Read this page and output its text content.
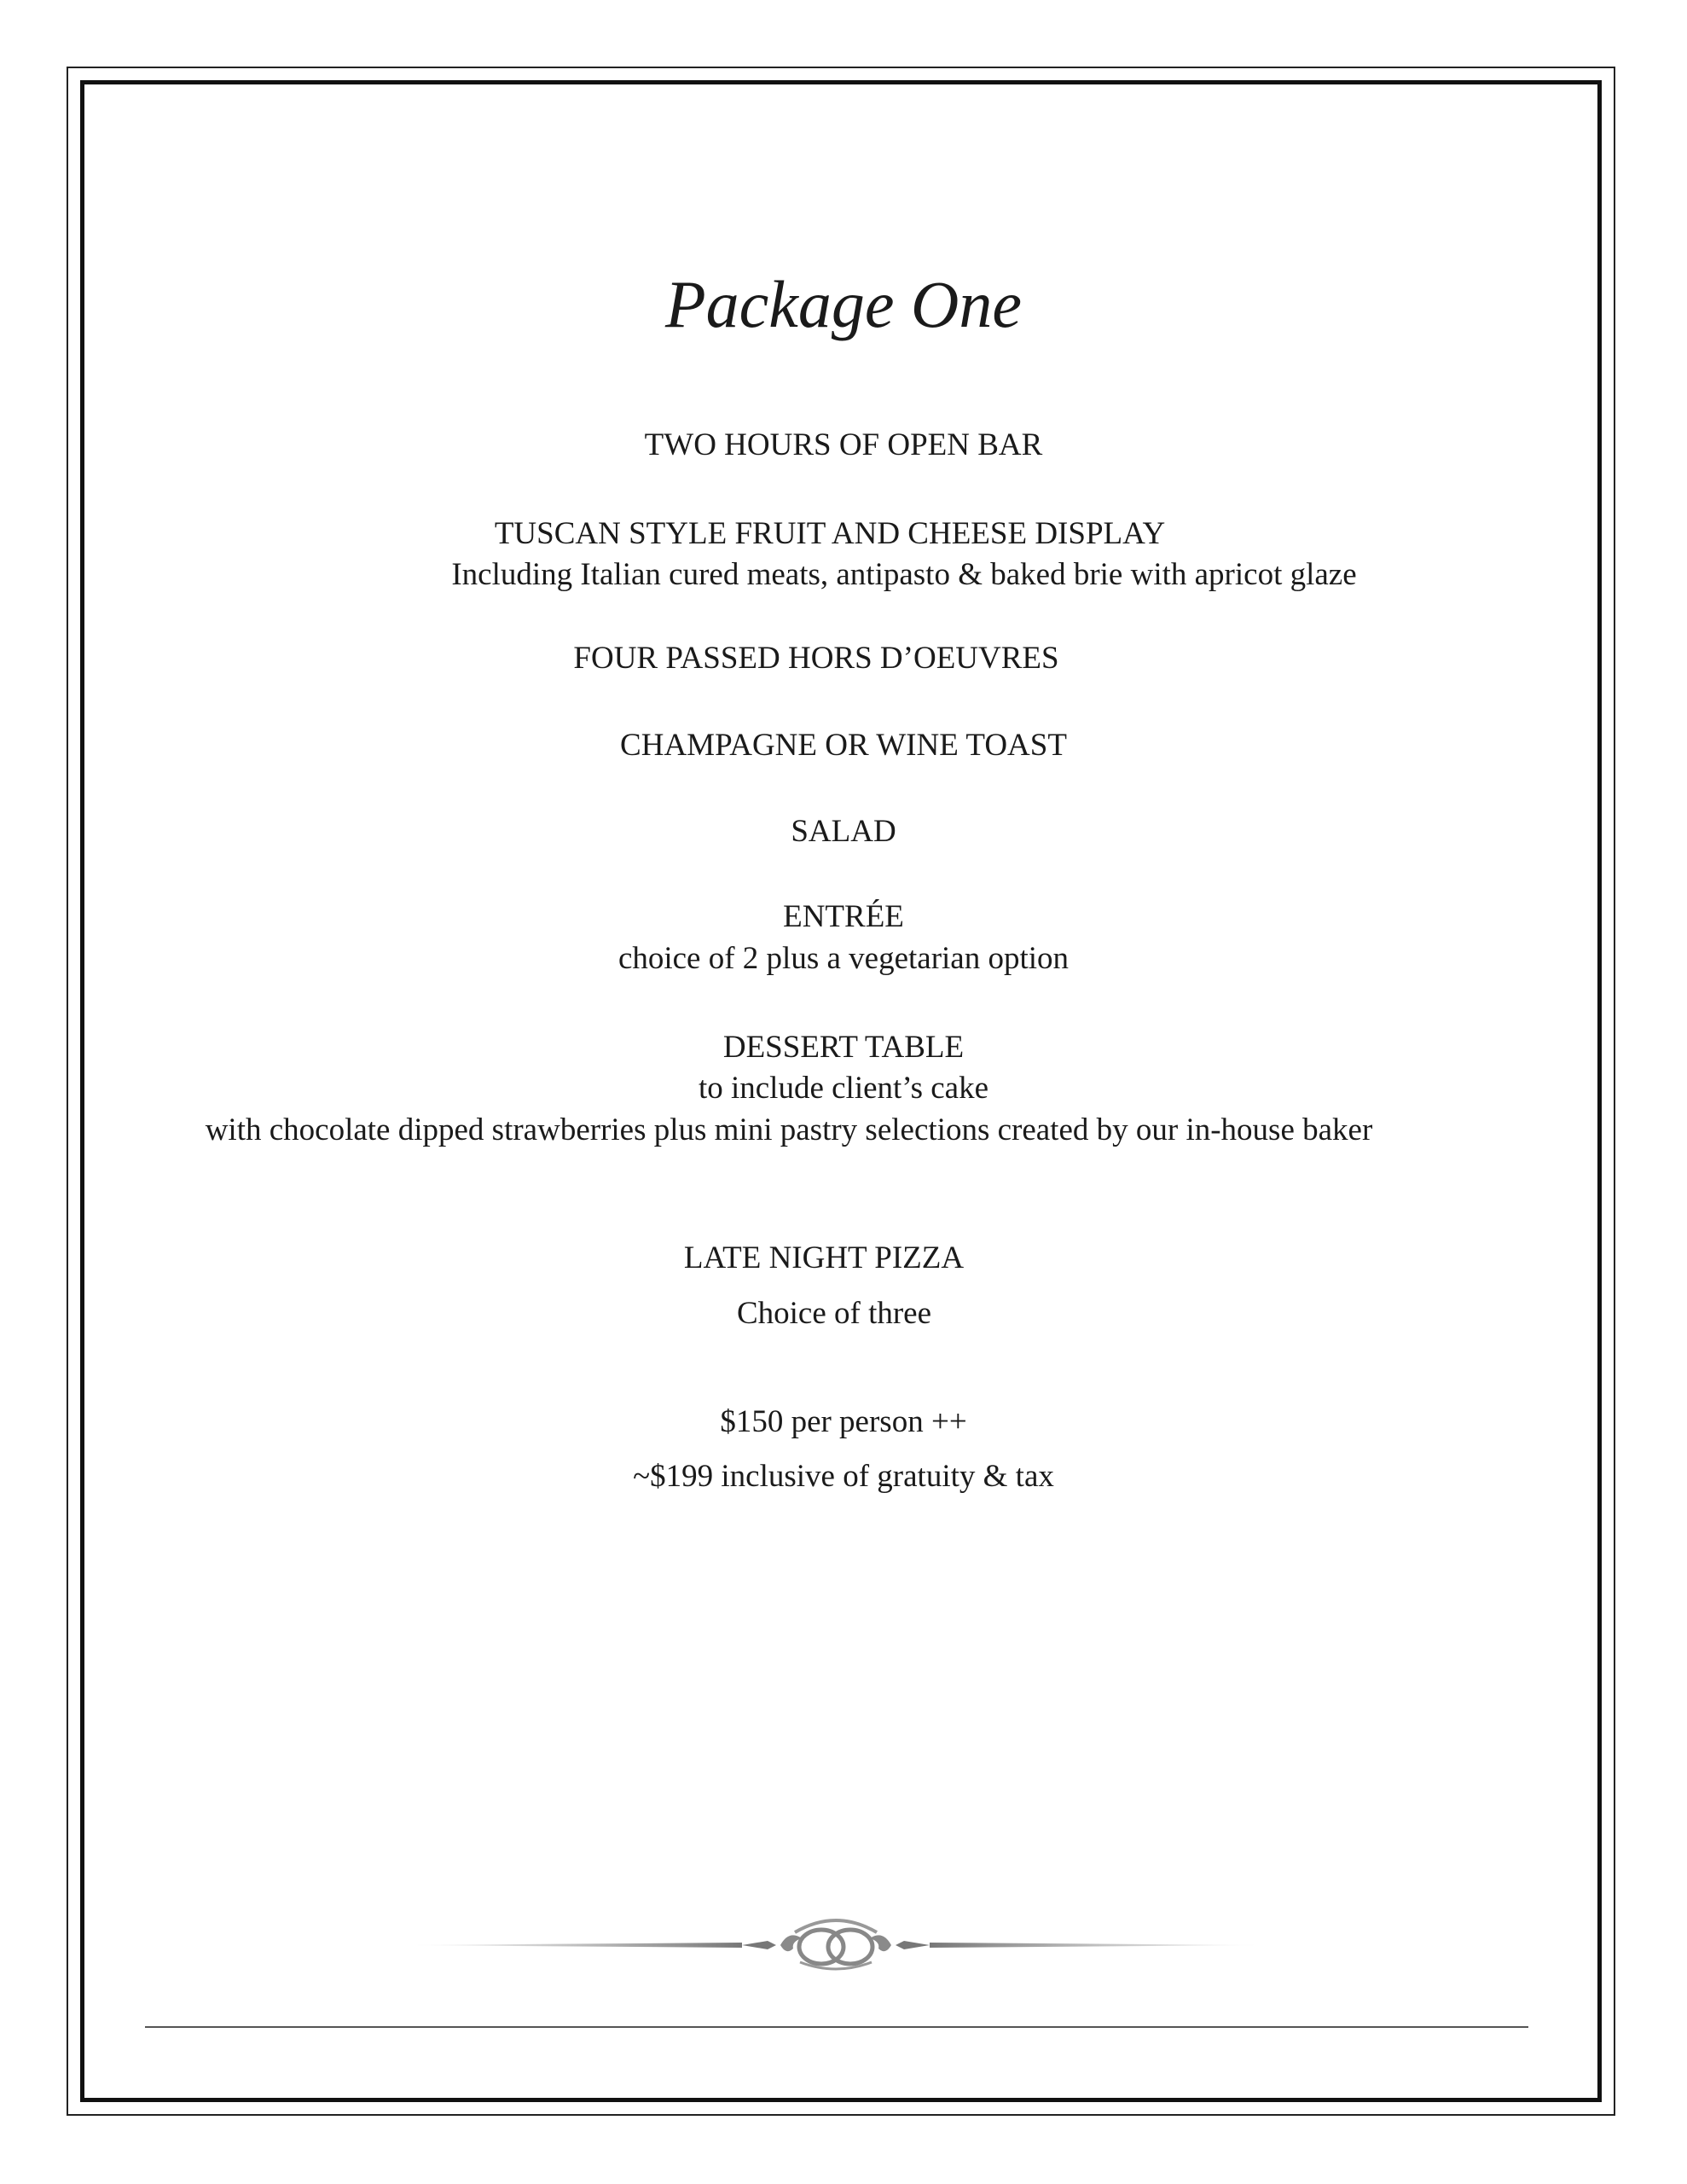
Package One
TWO HOURS OF OPEN BAR
TUSCAN STYLE FRUIT AND CHEESE DISPLAY
Including Italian cured meats, antipasto & baked brie with apricot glaze
FOUR PASSED HORS D’OEUVRES
CHAMPAGNE OR WINE TOAST
SALAD
ENTRÉE
choice of 2 plus a vegetarian option
DESSERT TABLE
to include client’s cake
with chocolate dipped strawberries plus mini pastry selections created by our in-house baker
LATE NIGHT PIZZA
Choice of three
$150 per person ++
~$199 inclusive of gratuity & tax
